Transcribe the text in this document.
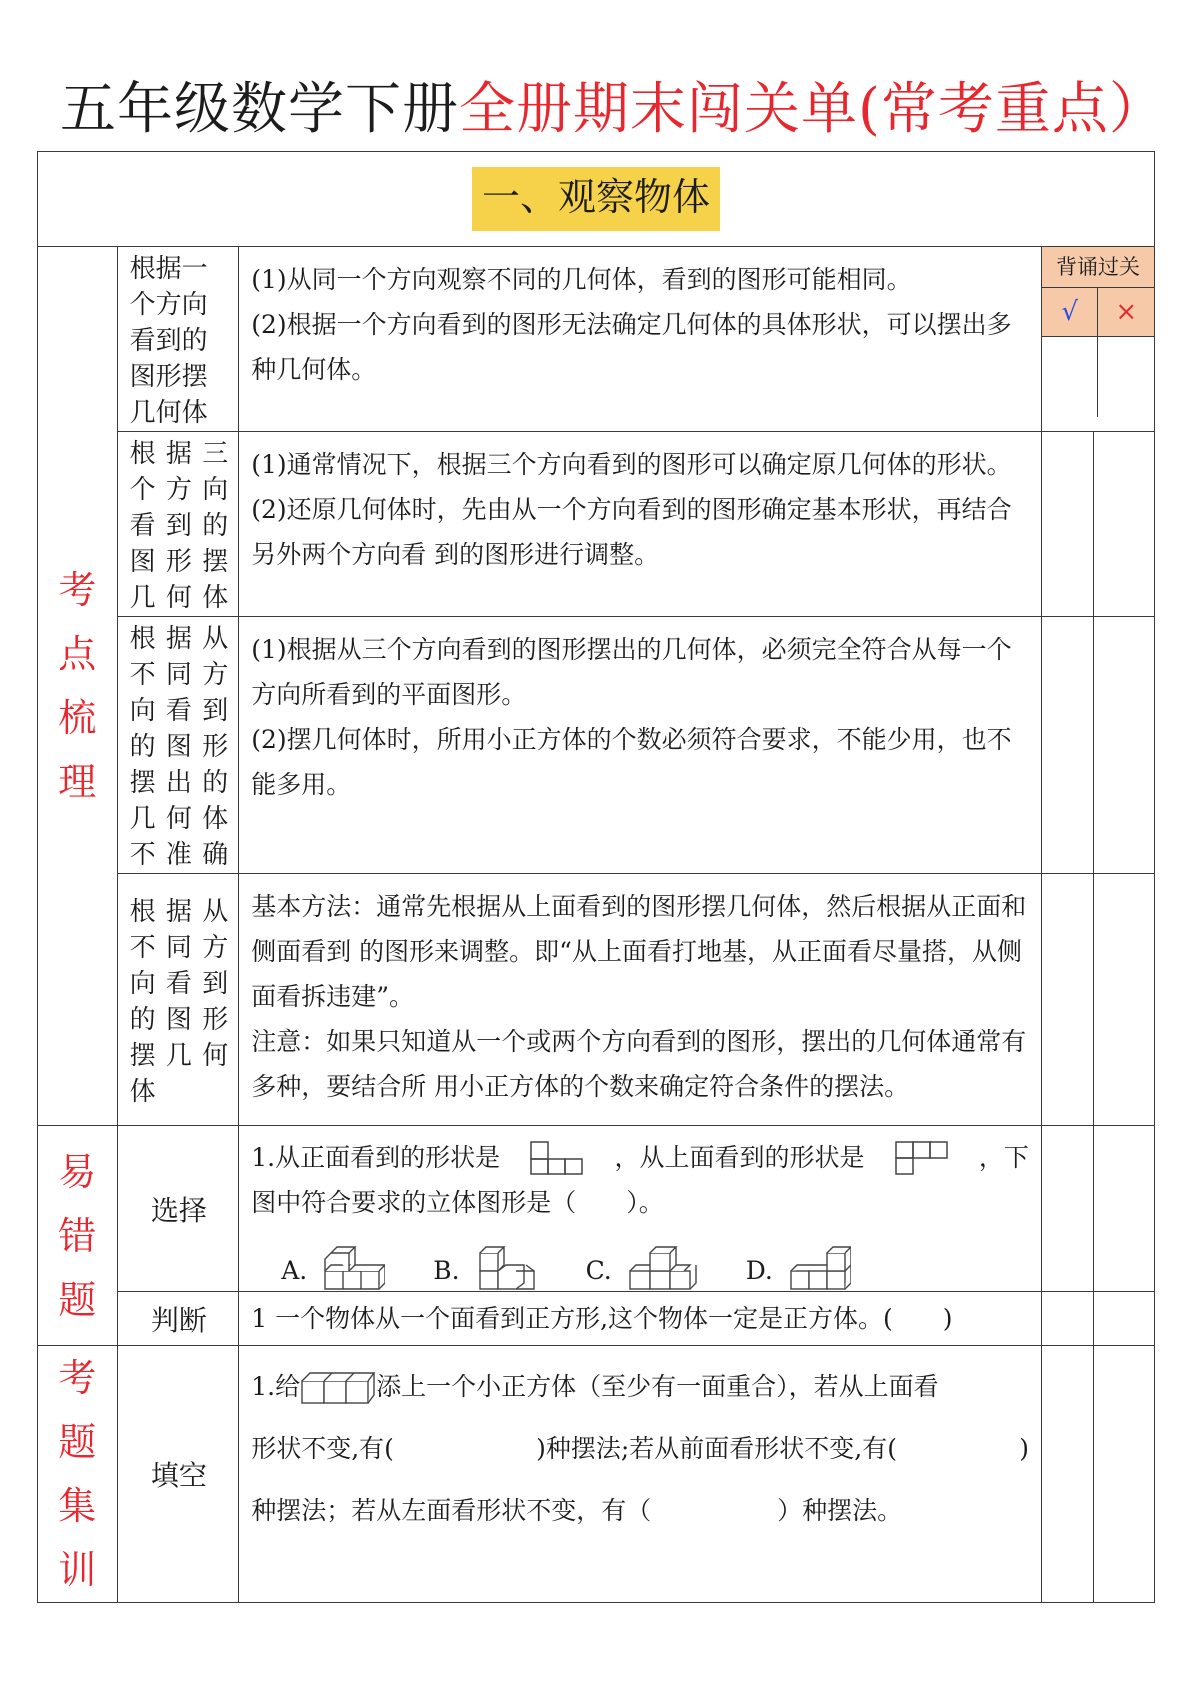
五年级数学下册全册期末闯关单(常考重点）
一、观察物体
考点梳理	根据一个方向看到的图形摆几何体	

(1)从同一个方向观察不同的几何体，看到的图形可能相同。

(2)根据一个方向看到的图形无法确定几何体的具体形状，可以摆出多种几何体。

背诵过关
√	×

根据三个方向看到的图形摆几何体	

(1)通常情况下，根据三个方向看到的图形可以确定原几何体的形状。

(2)还原几何体时，先由从一个方向看到的图形确定基本形状，再结合另外两个方向看 到的图形进行调整。

根据从不同方向看到的图形摆出的几何体不准确	

(1)根据从三个方向看到的图形摆出的几何体，必须完全符合从每一个方向所看到的平面图形。

(2)摆几何体时，所用小正方体的个数必须符合要求，不能少用，也不能多用。

根据从不同方向看到的图形摆几何体	

基本方法：通常先根据从上面看到的图形摆几何体，然后根据从正面和侧面看到 的图形来调整。即“从上面看打地基，从正面看尽量搭，从侧面看拆违建”。

注意：如果只知道从一个或两个方向看到的图形，摆出的几何体通常有多种，要结合所 用小正方体的个数来确定符合条件的摆法。

易错题	选择	

1.从正面看到的形状是	，从上面看到的形状是	，下

图中符合要求的立体图形是（　　）。

A.	B.	C.	D.

判断	1 一个物体从一个面看到正方形,这个物体一定是正方体。(　　)		
考题集训	填空	

1.给	添上一个小正方体（至少有一面重合），若从上面看

形状不变,有(	)种摆法;若从前面看形状不变,有(	)

种摆法；若从左面看形状不变，有（	）种摆法。
